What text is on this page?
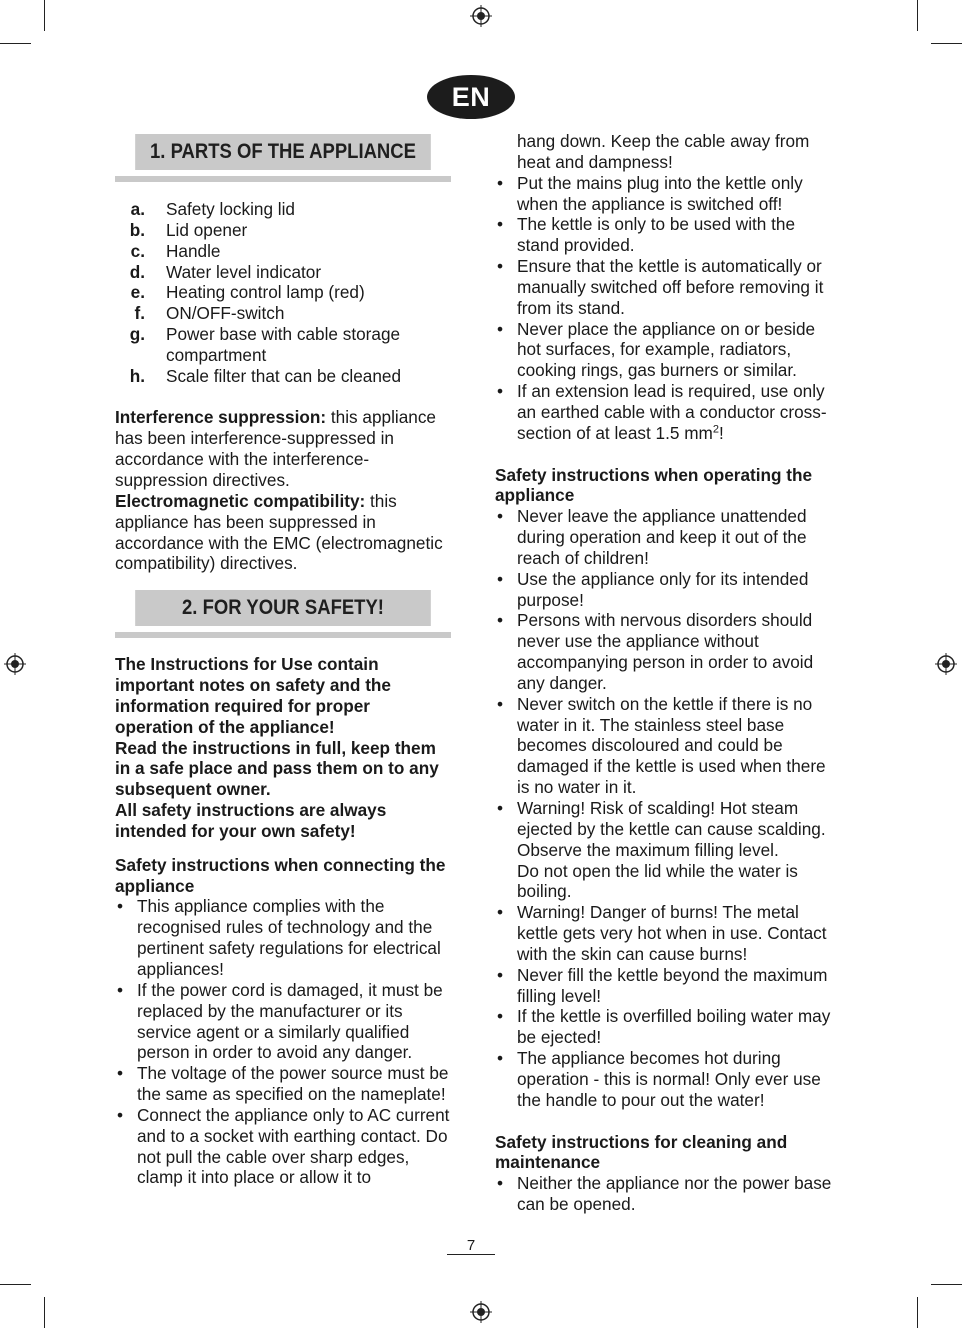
EN
1. PARTS OF THE APPLIANCE
a. Safety locking lid
b. Lid opener
c. Handle
d. Water level indicator
e. Heating control lamp (red)
f. ON/OFF-switch
g. Power base with cable storage compartment
h. Scale filter that can be cleaned

Interference suppression: this appliance has been interference-suppressed in accordance with the interference-suppression directives.

Electromagnetic compatibility: this appliance has been suppressed in accordance with the EMC (electromagnetic compatibility) directives.

2. FOR YOUR SAFETY!

The Instructions for Use contain important notes on safety and the information required for proper operation of the appliance!

Read the instructions in full, keep them in a safe place and pass them on to any subsequent owner.

All safety instructions are always intended for your own safety!

Safety instructions when connecting the appliance

• This appliance complies with the recognised rules of technology and the pertinent safety regulations for electrical appliances!
• If the power cord is damaged, it must be replaced by the manufacturer or its service agent or a similarly qualified person in order to avoid any danger.
• The voltage of the power source must be the same as specified on the nameplate!
• Connect the appliance only to AC current and to a socket with earthing contact. Do not pull the cable over sharp edges, clamp it into place or allow it to

hang down. Keep the cable away from heat and dampness!

• Put the mains plug into the kettle only when the appliance is switched off!
• The kettle is only to be used with the stand provided.
• Ensure that the kettle is automatically or manually switched off before removing it from its stand.
• Never place the appliance on or beside hot surfaces, for example, radiators, cooking rings, gas burners or similar.
• If an extension lead is required, use only an earthed cable with a conductor cross-section of at least 1.5 $mm^2$!

Safety instructions when operating the appliance

• Never leave the appliance unattended during operation and keep it out of the reach of children!
• Use the appliance only for its intended purpose!
• Persons with nervous disorders should never use the appliance without accompanying person in order to avoid any danger.
• Never switch on the kettle if there is no water in it. The stainless steel base becomes discoloured and could be damaged if the kettle is used when there is no water in it.
• Warning! Risk of scalding! Hot steam ejected by the kettle can cause scalding. Observe the maximum filling level.
Do not open the lid while the water is boiling.
• Warning! Danger of burns! The metal kettle gets very hot when in use. Contact with the skin can cause burns!
• Never fill the kettle beyond the maximum filling level!
• If the kettle is overfilled boiling water may be ejected!
• The appliance becomes hot during operation - this is normal! Only ever use the handle to pour out the water!

Safety instructions for cleaning and maintenance

• Neither the appliance nor the power base can be opened.
7
